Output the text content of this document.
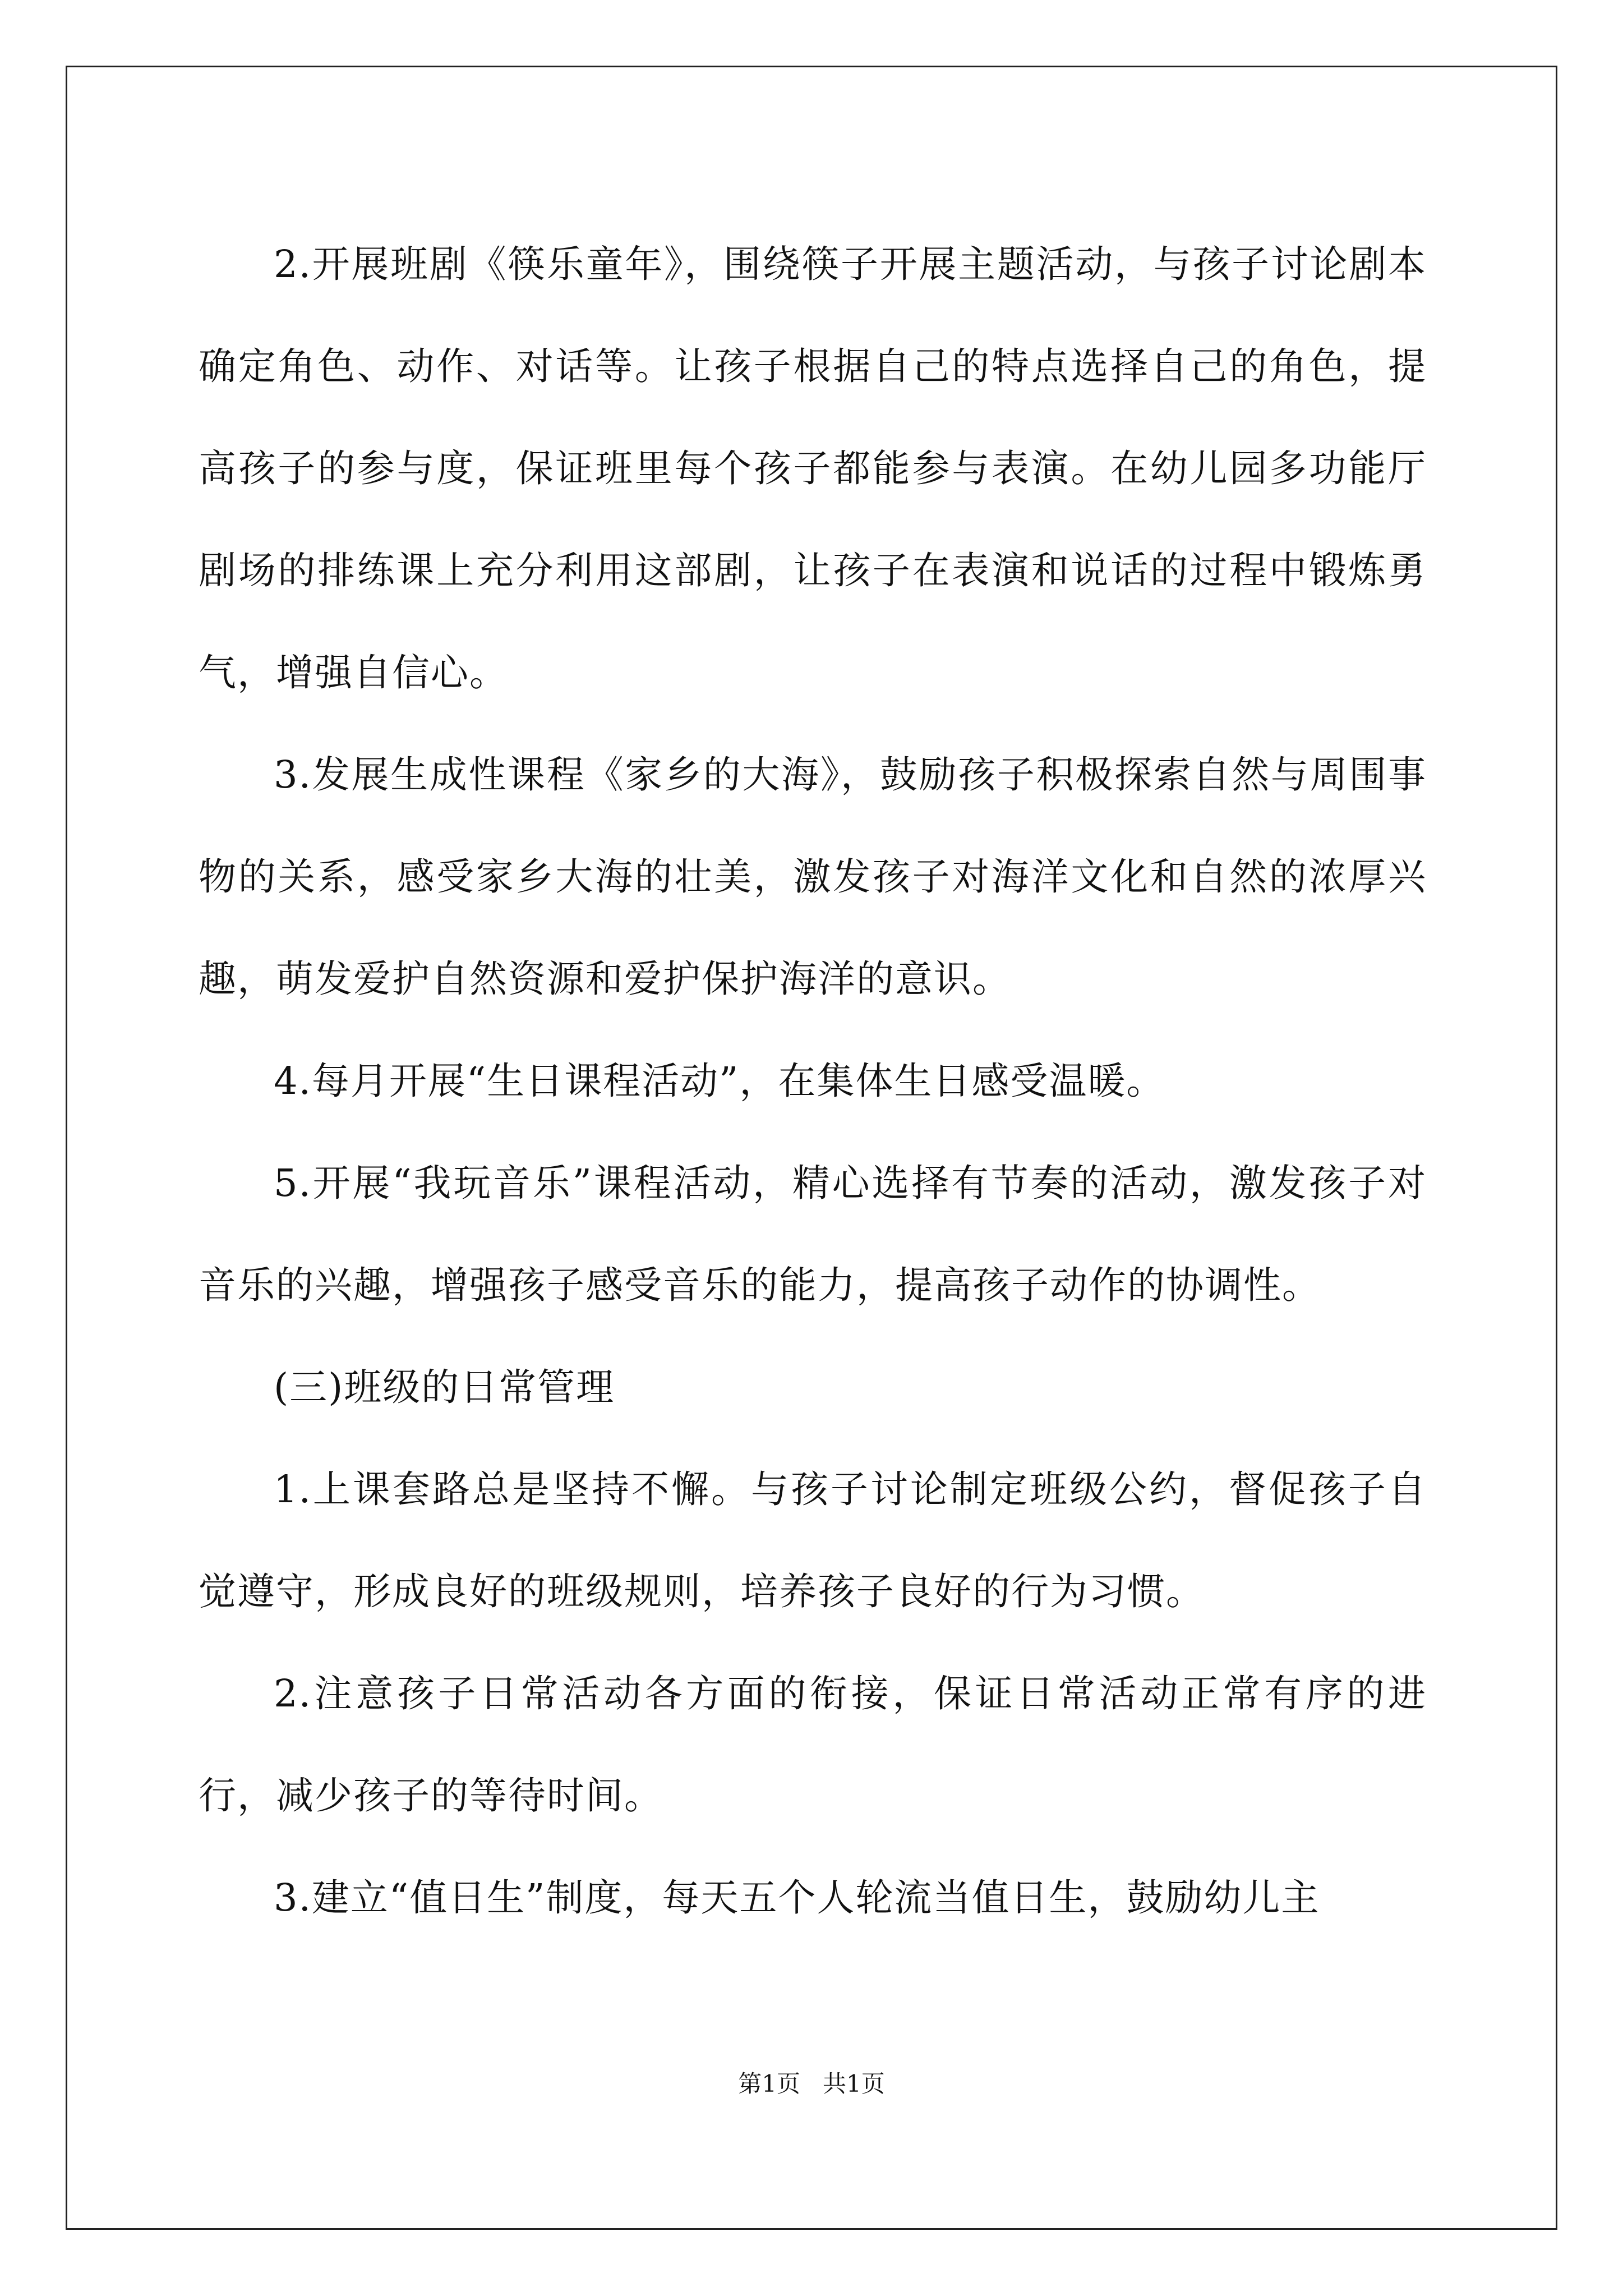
2.开展班剧《筷乐童年》，围绕筷子开展主题活动，与孩子讨论剧本确定角色、动作、对话等。让孩子根据自己的特点选择自己的角色，提高孩子的参与度，保证班里每个孩子都能参与表演。在幼儿园多功能厅剧场的排练课上充分利用这部剧，让孩子在表演和说话的过程中锻炼勇气，增强自信心。

3.发展生成性课程《家乡的大海》，鼓励孩子积极探索自然与周围事物的关系，感受家乡大海的壮美，激发孩子对海洋文化和自然的浓厚兴趣，萌发爱护自然资源和爱护保护海洋的意识。

4.每月开展“生日课程活动”，在集体生日感受温暖。

5.开展“我玩音乐”课程活动，精心选择有节奏的活动，激发孩子对音乐的兴趣，增强孩子感受音乐的能力，提高孩子动作的协调性。

(三)班级的日常管理

1.上课套路总是坚持不懈。与孩子讨论制定班级公约，督促孩子自觉遵守，形成良好的班级规则，培养孩子良好的行为习惯。

2.注意孩子日常活动各方面的衔接，保证日常活动正常有序的进行，减少孩子的等待时间。

3.建立“值日生”制度，每天五个人轮流当值日生，鼓励幼儿主

第1页   共1页
